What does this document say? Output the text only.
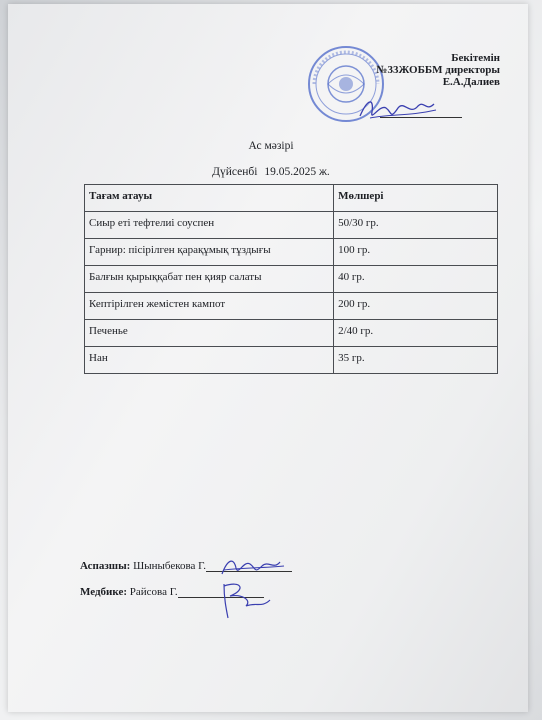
Бекітемін
№33ЖОББМ директоры
Е.А.Далиев
Ас мәзірі
Дүйсенбі 19.05.2025 ж.
Тағам атауы	Мөлшері
Сиыр еті тефтелиі соуспен	50/30 гр.
Гарнир: пісірілген қарақұмық тұздығы	100 гр.
Балғын қырыққабат пен қияр салаты	40 гр.
Кептірілген жемістен кампот	200 гр.
Печенье	2/40 гр.
Нан	35 гр.
Аспазшы: Шыныбекова Г.
Медбике: Райсова Г.
